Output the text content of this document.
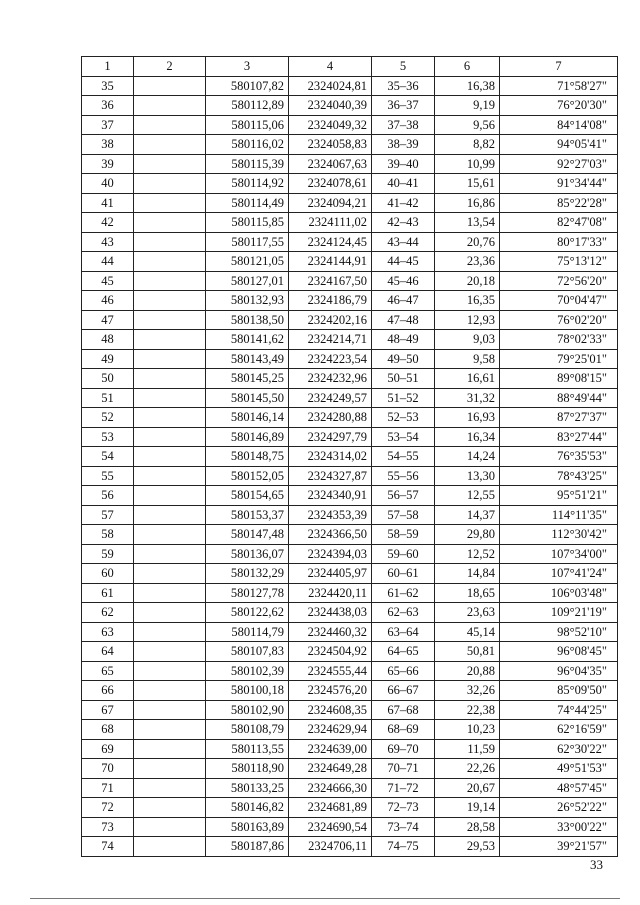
1	2	3	4	5	6	7
35		580107,82	2324024,81	35–36	16,38	71°58'27"
36		580112,89	2324040,39	36–37	9,19	76°20'30"
37		580115,06	2324049,32	37–38	9,56	84°14'08"
38		580116,02	2324058,83	38–39	8,82	94°05'41"
39		580115,39	2324067,63	39–40	10,99	92°27'03"
40		580114,92	2324078,61	40–41	15,61	91°34'44"
41		580114,49	2324094,21	41–42	16,86	85°22'28"
42		580115,85	2324111,02	42–43	13,54	82°47'08"
43		580117,55	2324124,45	43–44	20,76	80°17'33"
44		580121,05	2324144,91	44–45	23,36	75°13'12"
45		580127,01	2324167,50	45–46	20,18	72°56'20"
46		580132,93	2324186,79	46–47	16,35	70°04'47"
47		580138,50	2324202,16	47–48	12,93	76°02'20"
48		580141,62	2324214,71	48–49	9,03	78°02'33"
49		580143,49	2324223,54	49–50	9,58	79°25'01"
50		580145,25	2324232,96	50–51	16,61	89°08'15"
51		580145,50	2324249,57	51–52	31,32	88°49'44"
52		580146,14	2324280,88	52–53	16,93	87°27'37"
53		580146,89	2324297,79	53–54	16,34	83°27'44"
54		580148,75	2324314,02	54–55	14,24	76°35'53"
55		580152,05	2324327,87	55–56	13,30	78°43'25"
56		580154,65	2324340,91	56–57	12,55	95°51'21"
57		580153,37	2324353,39	57–58	14,37	114°11'35"
58		580147,48	2324366,50	58–59	29,80	112°30'42"
59		580136,07	2324394,03	59–60	12,52	107°34'00"
60		580132,29	2324405,97	60–61	14,84	107°41'24"
61		580127,78	2324420,11	61–62	18,65	106°03'48"
62		580122,62	2324438,03	62–63	23,63	109°21'19"
63		580114,79	2324460,32	63–64	45,14	98°52'10"
64		580107,83	2324504,92	64–65	50,81	96°08'45"
65		580102,39	2324555,44	65–66	20,88	96°04'35"
66		580100,18	2324576,20	66–67	32,26	85°09'50"
67		580102,90	2324608,35	67–68	22,38	74°44'25"
68		580108,79	2324629,94	68–69	10,23	62°16'59"
69		580113,55	2324639,00	69–70	11,59	62°30'22"
70		580118,90	2324649,28	70–71	22,26	49°51'53"
71		580133,25	2324666,30	71–72	20,67	48°57'45"
72		580146,82	2324681,89	72–73	19,14	26°52'22"
73		580163,89	2324690,54	73–74	28,58	33°00'22"
74		580187,86	2324706,11	74–75	29,53	39°21'57"
33
